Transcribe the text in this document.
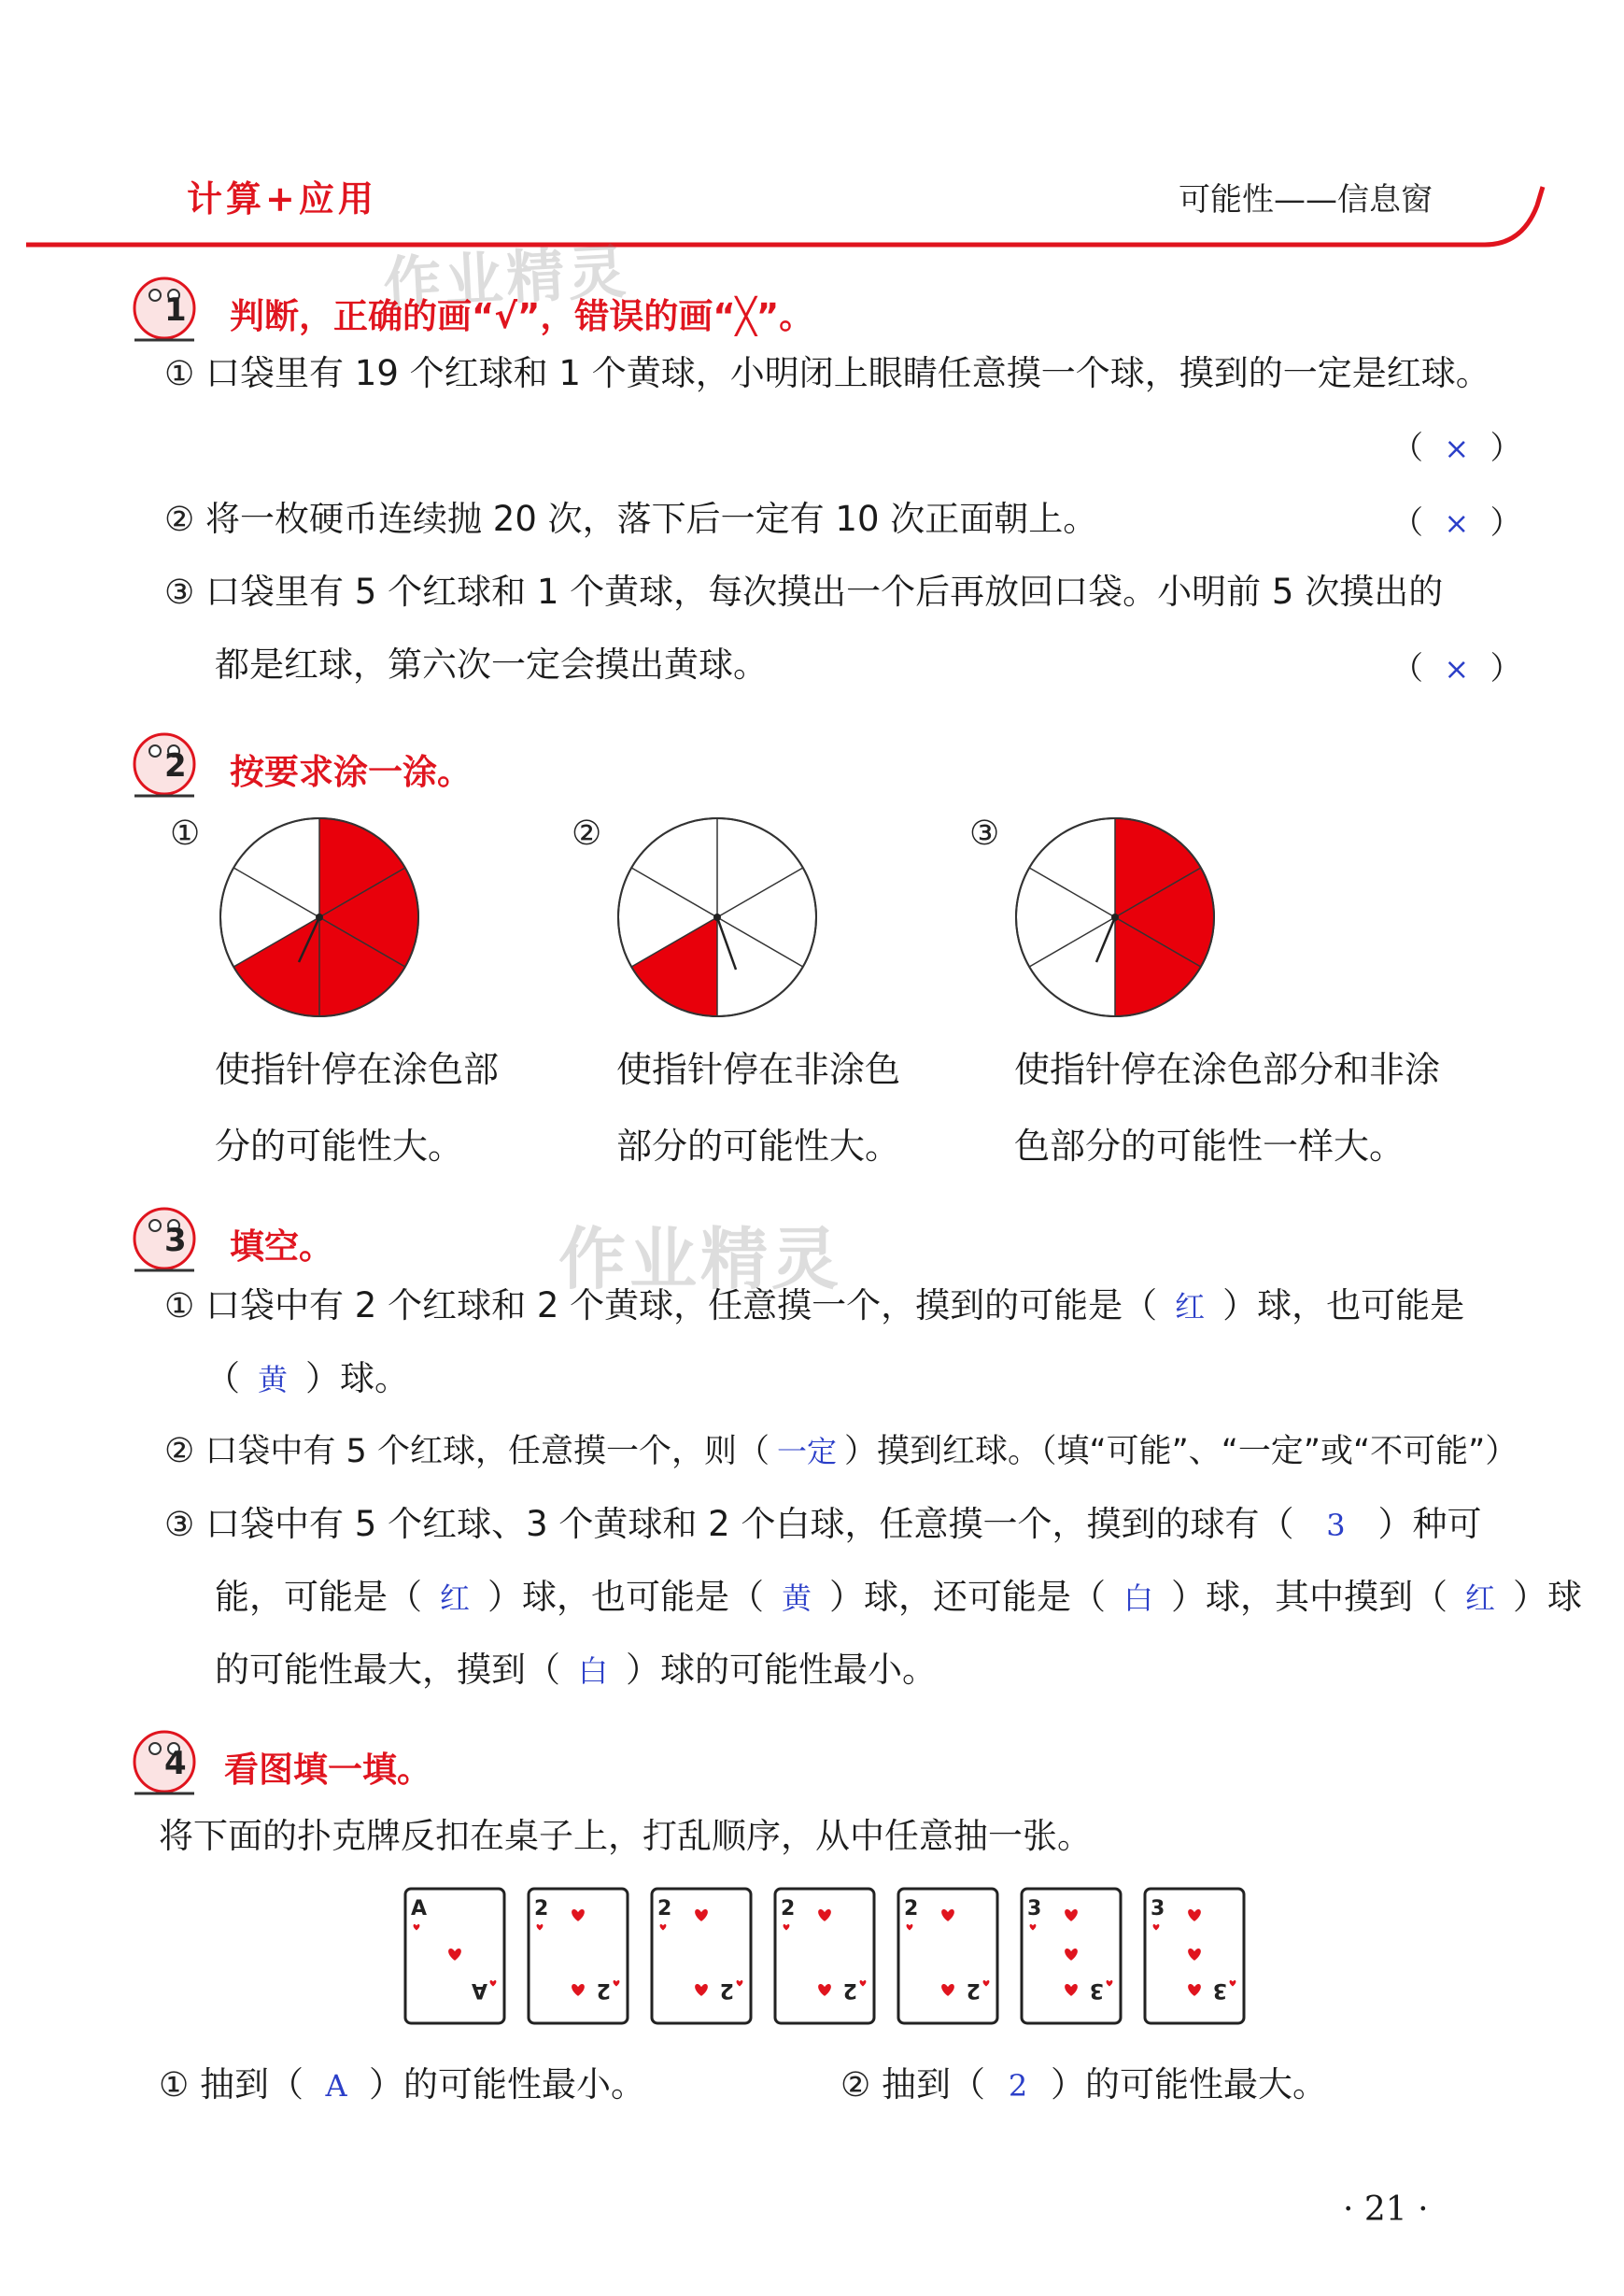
计算+应用	可能性——信息窗
作业精灵
作业精灵
1 判断，正确的画“√”，错误的画“╳”。
① 口袋里有 19 个红球和 1 个黄球，小明闭上眼睛任意摸一个球，摸到的一定是红球。
（ × ）
② 将一枚硬币连续抛 20 次，落下后一定有 10 次正面朝上。	（ × ）
③ 口袋里有 5 个红球和 1 个黄球，每次摸出一个后再放回口袋。小明前 5 次摸出的
都是红球，第六次一定会摸出黄球。	（ × ）
2 按要求涂一涂。
①	②	③
使指针停在涂色部
分的可能性大。
使指针停在非涂色
部分的可能性大。
使指针停在涂色部分和非涂
色部分的可能性一样大。
3 填空。
① 口袋中有 2 个红球和 2 个黄球，任意摸一个，摸到的可能是（ 红 ）球，也可能是
（ 黄 ）球。
② 口袋中有 5 个红球，任意摸一个，则（ 一定 ）摸到红球。（填“可能”、“一定”或“不可能”）
③ 口袋中有 5 个红球、3 个黄球和 2 个白球，任意摸一个，摸到的球有（ 3 ）种可
能，可能是（ 红 ）球，也可能是（ 黄 ）球，还可能是（ 白 ）球，其中摸到（ 红 ）球
的可能性最大，摸到（ 白 ）球的可能性最小。
4 看图填一填。
将下面的扑克牌反扣在桌子上，打乱顺序，从中任意抽一张。
A
A
2
2
2
2
2
2
2
2
3
3
3
3
① 抽到（ A ）的可能性最小。	② 抽到（ 2 ）的可能性最大。
· 21 ·
